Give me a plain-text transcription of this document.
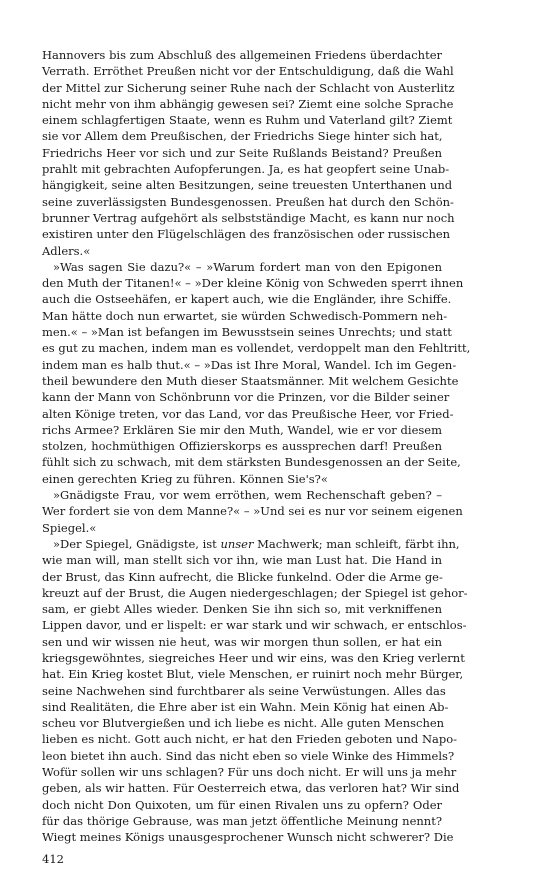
Hannovers bis zum Abschluß des allgemeinen Friedens überdachter
Verrath. Erröthet Preußen nicht vor der Entschuldigung, daß die Wahl
der Mittel zur Sicherung seiner Ruhe nach der Schlacht von Austerlitz
nicht mehr von ihm abhängig gewesen sei? Ziemt eine solche Sprache
einem schlagfertigen Staate, wenn es Ruhm und Vaterland gilt? Ziemt
sie vor Allem dem Preußischen, der Friedrichs Siege hinter sich hat,
Friedrichs Heer vor sich und zur Seite Rußlands Beistand? Preußen
prahlt mit gebrachten Aufopferungen. Ja, es hat geopfert seine Unab-
hängigkeit, seine alten Besitzungen, seine treuesten Unterthanen und
seine zuverlässigsten Bundesgenossen. Preußen hat durch den Schön-
brunner Vertrag aufgehört als selbstständige Macht, es kann nur noch
existiren unter den Flügelschlägen des französischen oder russischen
Adlers.«
»Was sagen Sie dazu?« – »Warum fordert man von den Epigonen
den Muth der Titanen!« – »Der kleine König von Schweden sperrt ihnen
auch die Ostseehäfen, er kapert auch, wie die Engländer, ihre Schiffe.
Man hätte doch nun erwartet, sie würden Schwedisch-Pommern neh-
men.« – »Man ist befangen im Bewusstsein seines Unrechts; und statt
es gut zu machen, indem man es vollendet, verdoppelt man den Fehltritt,
indem man es halb thut.« – »Das ist Ihre Moral, Wandel. Ich im Gegen-
theil bewundere den Muth dieser Staatsmänner. Mit welchem Gesichte
kann der Mann von Schönbrunn vor die Prinzen, vor die Bilder seiner
alten Könige treten, vor das Land, vor das Preußische Heer, vor Fried-
richs Armee? Erklären Sie mir den Muth, Wandel, wie er vor diesem
stolzen, hochmüthigen Offizierskorps es aussprechen darf! Preußen
fühlt sich zu schwach, mit dem stärksten Bundesgenossen an der Seite,
einen gerechten Krieg zu führen. Können Sie's?«
»Gnädigste Frau, vor wem erröthen, wem Rechenschaft geben? –
Wer fordert sie von dem Manne?« – »Und sei es nur vor seinem eigenen
Spiegel.«
»Der Spiegel, Gnädigste, ist unser Machwerk; man schleift, färbt ihn,
wie man will, man stellt sich vor ihn, wie man Lust hat. Die Hand in
der Brust, das Kinn aufrecht, die Blicke funkelnd. Oder die Arme ge-
kreuzt auf der Brust, die Augen niedergeschlagen; der Spiegel ist gehor-
sam, er giebt Alles wieder. Denken Sie ihn sich so, mit verkniffenen
Lippen davor, und er lispelt: er war stark und wir schwach, er entschlos-
sen und wir wissen nie heut, was wir morgen thun sollen, er hat ein
kriegsgewöhntes, siegreiches Heer und wir eins, was den Krieg verlernt
hat. Ein Krieg kostet Blut, viele Menschen, er ruinirt noch mehr Bürger,
seine Nachwehen sind furchtbarer als seine Verwüstungen. Alles das
sind Realitäten, die Ehre aber ist ein Wahn. Mein König hat einen Ab-
scheu vor Blutvergießen und ich liebe es nicht. Alle guten Menschen
lieben es nicht. Gott auch nicht, er hat den Frieden geboten und Napo-
leon bietet ihn auch. Sind das nicht eben so viele Winke des Himmels?
Wofür sollen wir uns schlagen? Für uns doch nicht. Er will uns ja mehr
geben, als wir hatten. Für Oesterreich etwa, das verloren hat? Wir sind
doch nicht Don Quixoten, um für einen Rivalen uns zu opfern? Oder
für das thörige Gebrause, was man jetzt öffentliche Meinung nennt?
Wiegt meines Königs unausgesprochener Wunsch nicht schwerer? Die
412
